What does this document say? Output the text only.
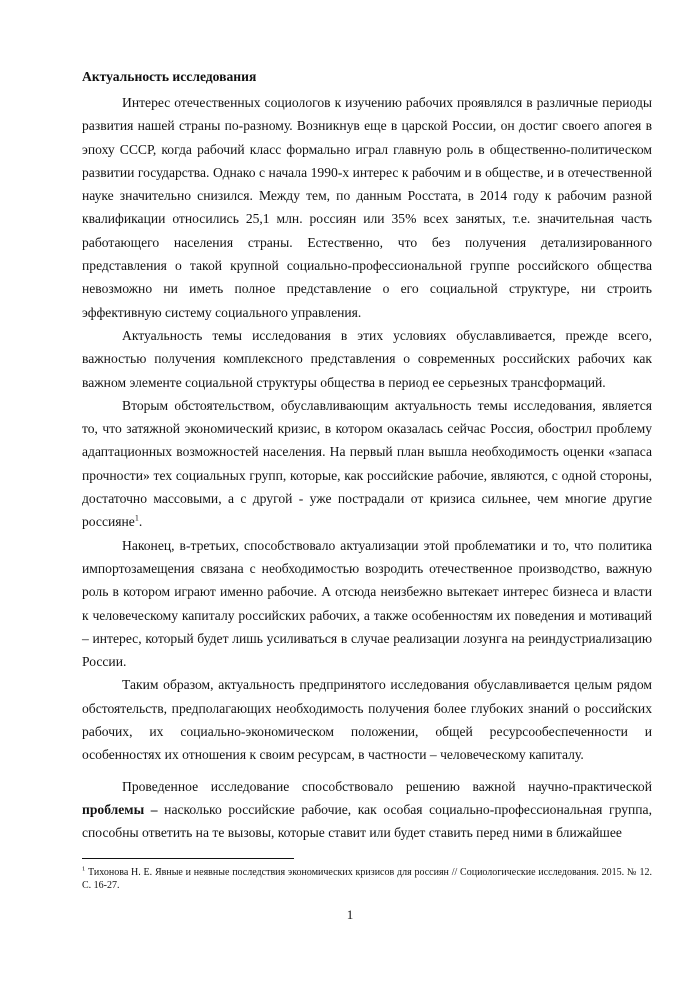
Актуальность исследования

Интерес отечественных социологов к изучению рабочих проявлялся в различные периоды развития нашей страны по-разному. Возникнув еще в царской России, он достиг своего апогея в эпоху СССР, когда рабочий класс формально играл главную роль в общественно-политическом развитии государства. Однако с начала 1990-х интерес к рабочим и в обществе, и в отечественной науке значительно снизился. Между тем, по данным Росстата, в 2014 году к рабочим разной квалификации относились 25,1 млн. россиян или 35% всех занятых, т.е. значительная часть работающего населения страны. Естественно, что без получения детализированного представления о такой крупной социально-профессиональной группе российского общества невозможно ни иметь полное представление о его социальной структуре, ни строить эффективную систему социального управления.

Актуальность темы исследования в этих условиях обуславливается, прежде всего, важностью получения комплексного представления о современных российских рабочих как важном элементе социальной структуры общества в период ее серьезных трансформаций.

Вторым обстоятельством, обуславливающим актуальность темы исследования, является то, что затяжной экономический кризис, в котором оказалась сейчас Россия, обострил проблему адаптационных возможностей населения. На первый план вышла необходимость оценки «запаса прочности» тех социальных групп, которые, как российские рабочие, являются, с одной стороны, достаточно массовыми, а с другой - уже пострадали от кризиса сильнее, чем многие другие россияне$^1$.

Наконец, в-третьих, способствовало актуализации этой проблематики и то, что политика импортозамещения связана с необходимостью возродить отечественное производство, важную роль в котором играют именно рабочие. А отсюда неизбежно вытекает интерес бизнеса и власти к человеческому капиталу российских рабочих, а также особенностям их поведения и мотиваций – интерес, который будет лишь усиливаться в случае реализации лозунга на реиндустриализацию России.

Таким образом, актуальность предпринятого исследования обуславливается целым рядом обстоятельств, предполагающих необходимость получения более глубоких знаний о российских рабочих, их социально-экономическом положении, общей ресурсообеспеченности и особенностях их отношения к своим ресурсам, в частности – человеческому капиталу.

Проведенное исследование способствовало решению важной научно-практической проблемы – насколько российские рабочие, как особая социально-профессиональная группа, способны ответить на те вызовы, которые ставит или будет ставить перед ними в ближайшее

$^1$ Тихонова Н. Е. Явные и неявные последствия экономических кризисов для россиян // Социологические исследования. 2015. № 12. С. 16-27.
1
